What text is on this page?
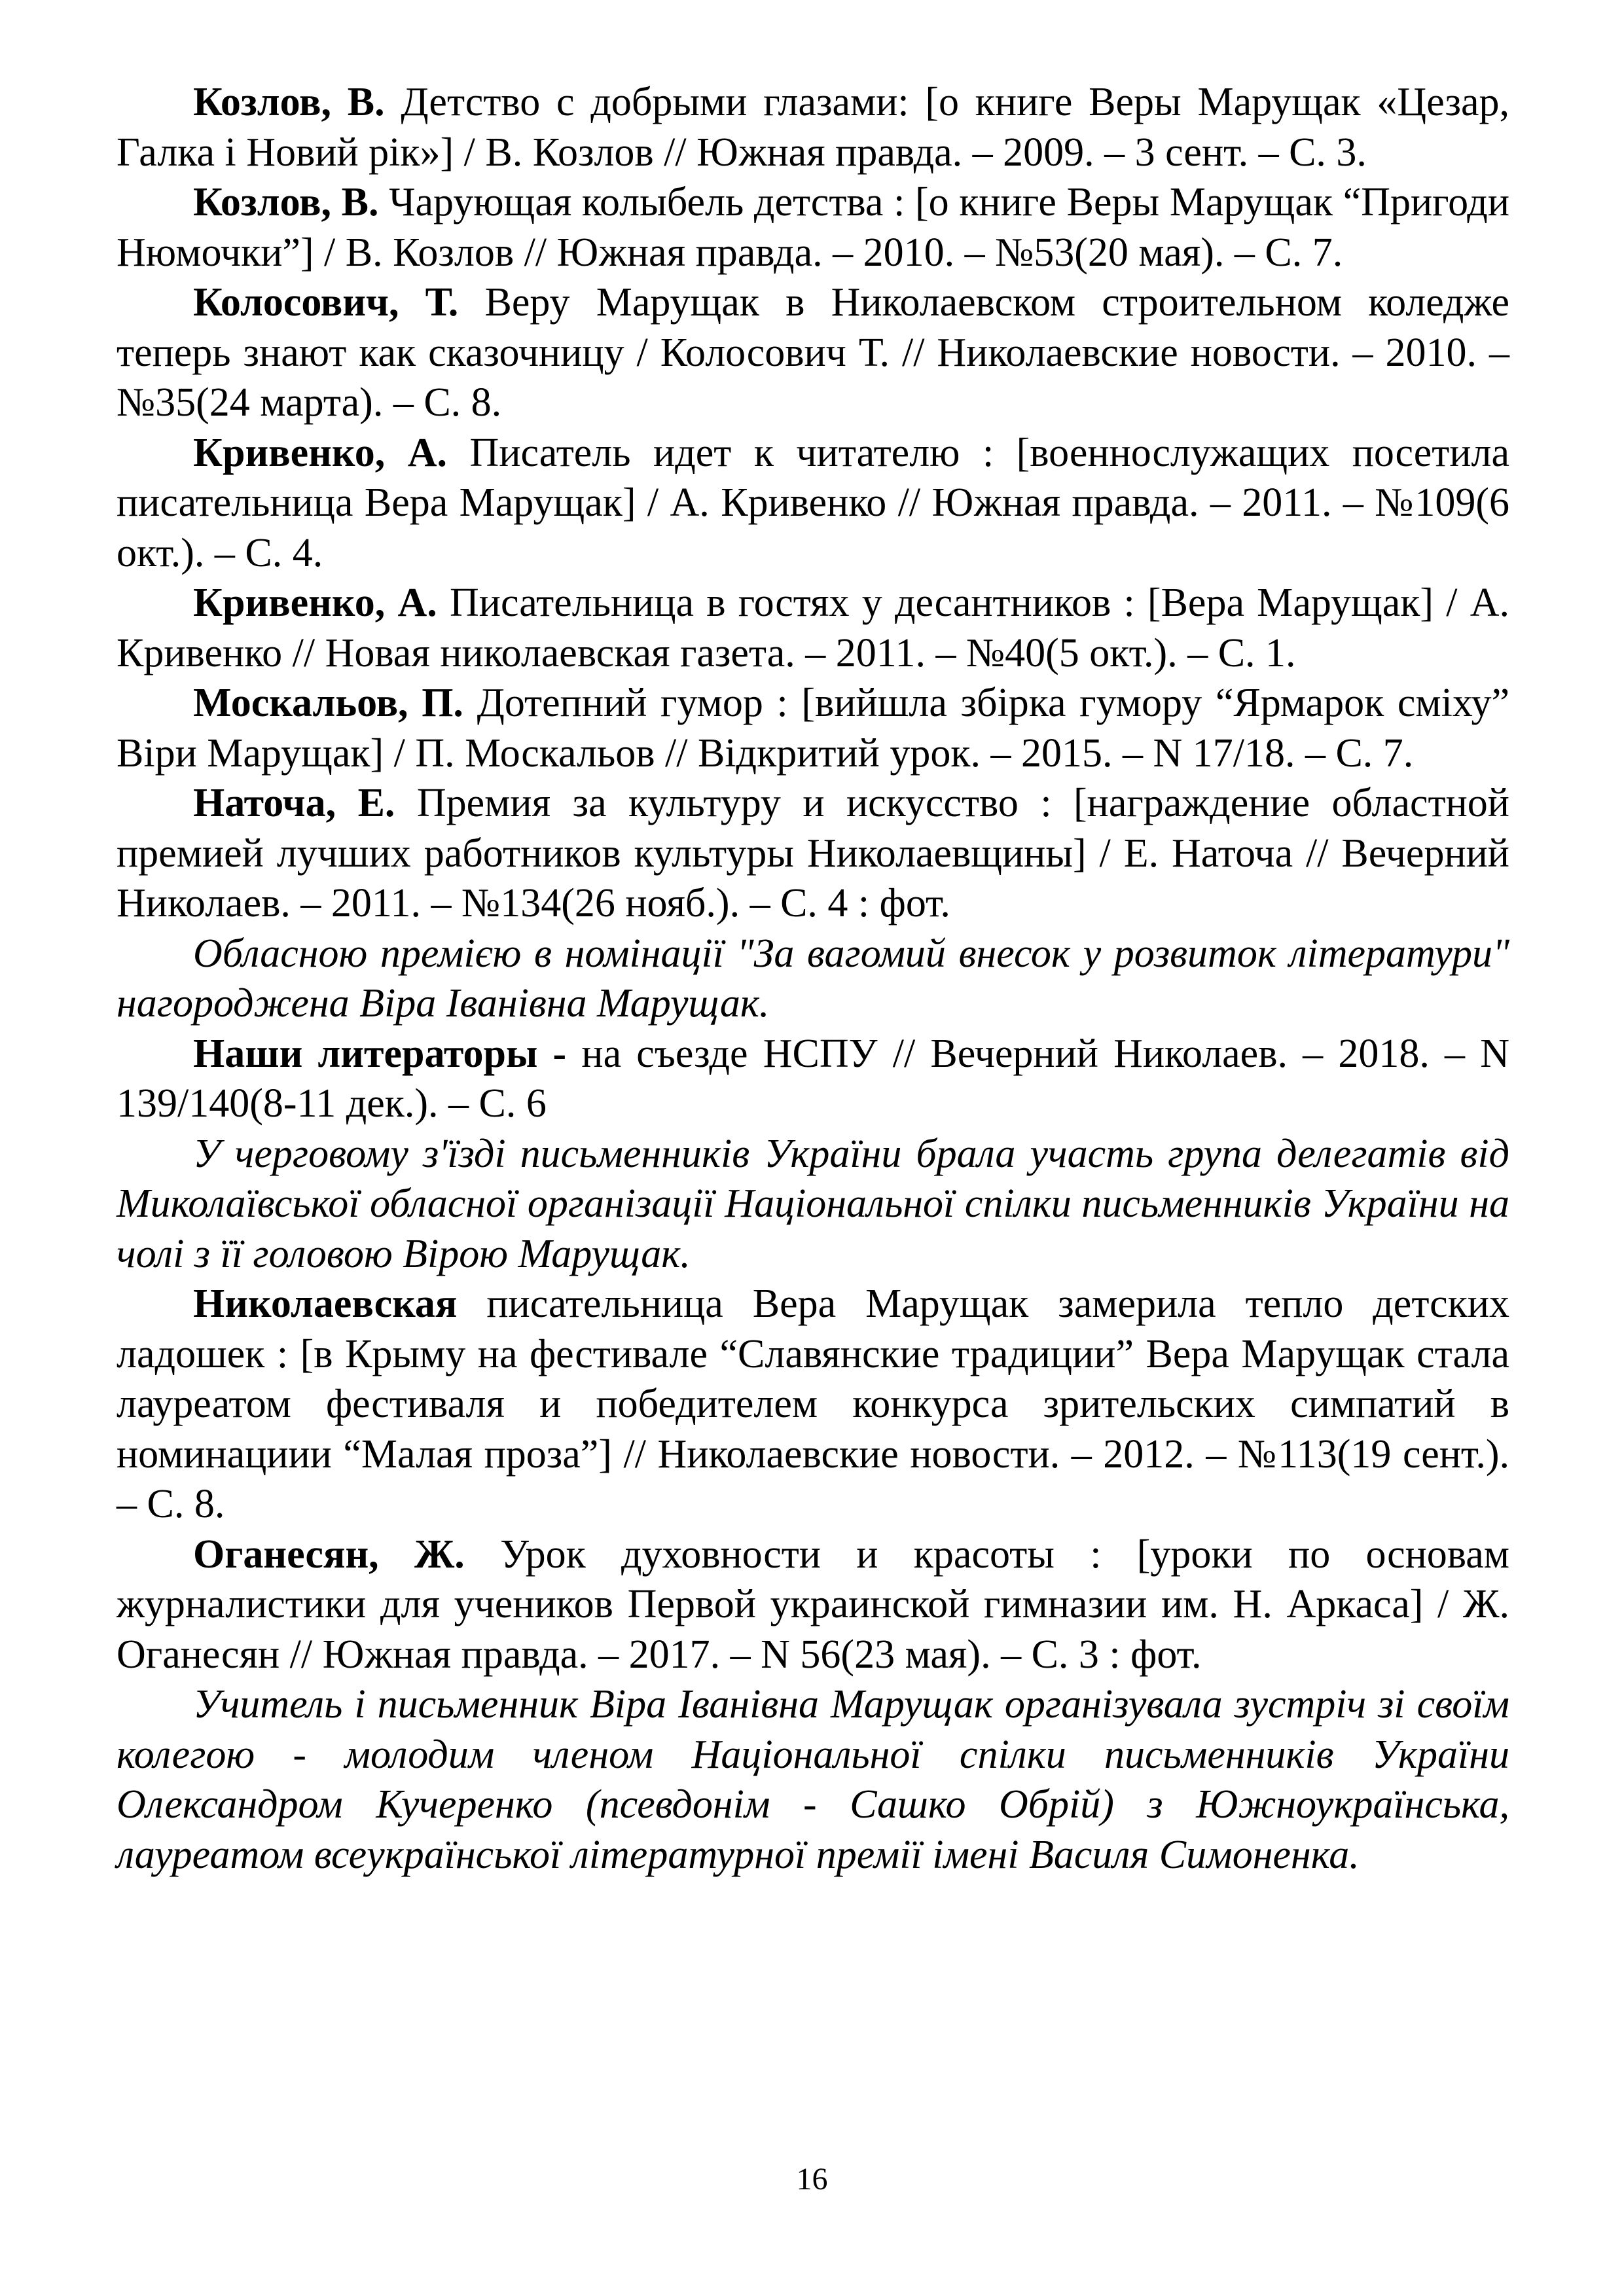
Козлов, В. Детство с добрыми глазами: [о книге Веры Марущак «Цезар, Галка і Новий рік»] / В. Козлов // Южная правда. – 2009. – 3 сент. – С. 3.

Козлов, В. Чарующая колыбель детства : [о книге Веры Марущак “Пригоди Нюмочки”] / В. Козлов // Южная правда. – 2010. – №53(20 мая). – С. 7.

Колосович, Т. Веру Марущак в Николаевском строительном коледже теперь знают как сказочницу / Колосович Т. // Николаевские новости. – 2010. – №35(24 марта). – С. 8.

Кривенко, А. Писатель идет к читателю : [военнослужащих посетила писательница Вера Марущак] / А. Кривенко // Южная правда. – 2011. – №109(6 окт.). – С. 4.

Кривенко, А. Писательница в гостях у десантников : [Вера Марущак] / А. Кривенко // Новая николаевская газета. – 2011. – №40(5 окт.). – С. 1.

Москальов, П. Дотепний гумор : [вийшла збірка гумору “Ярмарок сміху” Віри Марущак] / П. Москальов // Відкритий урок. – 2015. – N 17/18. – С. 7.

Наточа, Е. Премия за культуру и искусство : [награждение областной премией лучших работников культуры Николаевщины] / Е. Наточа // Вечерний Николаев. – 2011. – №134(26 нояб.). – С. 4 : фот.

Обласною премією в номінації "За вагомий внесок у розвиток літератури" нагороджена Віра Іванівна Марущак.

Наши литераторы - на съезде НСПУ // Вечерний Николаев. – 2018. – N 139/140(8-11 дек.). – С. 6

У черговому з'їзді письменників України брала участь група делегатів від Миколаївської обласної організації Національної спілки письменників України на чолі з її головою Вірою Марущак.

Николаевская писательница Вера Марущак замерила тепло детских ладошек : [в Крыму на фестивале “Славянские традиции” Вера Марущак стала лауреатом фестиваля и победителем конкурса зрительских симпатий в номинациии “Малая проза”] // Николаевские новости. – 2012. – №113(19 сент.). – С. 8.

Оганесян, Ж. Урок духовности и красоты : [уроки по основам журналистики для учеников Первой украинской гимназии им. Н. Аркаса] / Ж. Оганесян // Южная правда. – 2017. – N 56(23 мая). – С. 3 : фот.

Учитель і письменник Віра Іванівна Марущак організувала зустріч зі своїм колегою - молодим членом Національної спілки письменників України Олександром Кучеренко (псевдонім - Сашко Обрій) з Южноукраїнська, лауреатом всеукраїнської літературної премії імені Василя Симоненка.

16
